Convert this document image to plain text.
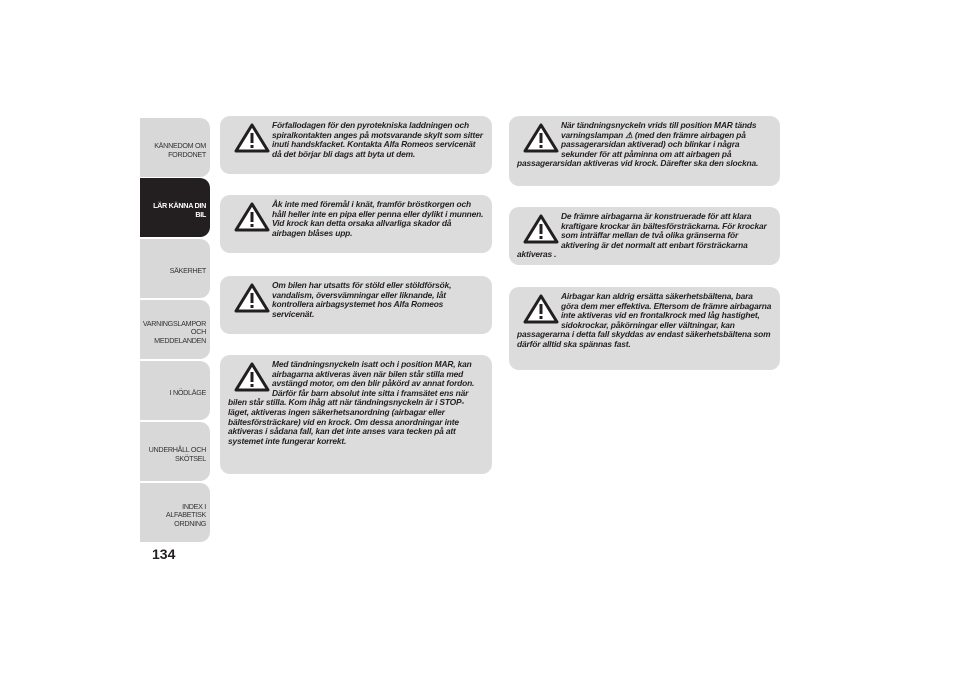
KÄNNEDOM OM
FORDONET
LÄR KÄNNA DIN
BIL
SÄKERHET
VARNINGSLAMPOR
OCH MEDDELANDEN
I NÖDLÄGE
UNDERHÅLL OCH
SKÖTSEL
INDEX I ALFABETISK
ORDNING
134
Förfallodagen för den pyrotekniska laddningen och spiralkontakten anges på motsvarande skylt som sitter inuti handskfacket. Kontakta Alfa Romeos servicenät då det börjar bli dags att byta ut dem.
Åk inte med föremål i knät, framför bröstkorgen och håll heller inte en pipa eller penna eller dylikt i munnen. Vid krock kan detta orsaka allvarliga skador då airbagen blåses upp.
Om bilen har utsatts för stöld eller stöldförsök, vandalism, översvämningar eller liknande, låt kontrollera airbagsystemet hos Alfa Romeos servicenät.
Med tändningsnyckeln isatt och i position MAR, kan airbagarna aktiveras även när bilen står stilla med avstängd motor, om den blir påkörd av annat fordon. Därför får barn absolut inte sitta i framsätet ens när bilen står stilla. Kom ihåg att när tändningsnyckeln är i STOP-läget, aktiveras ingen säkerhetsanordning (airbagar eller bältesförsträckare) vid en krock. Om dessa anordningar inte aktiveras i sådana fall, kan det inte anses vara tecken på att systemet inte fungerar korrekt.
När tändningsnyckeln vrids till position MAR tänds varningslampan ⚠ (med den främre airbagen på passagerarsidan aktiverad) och blinkar i några sekunder för att påminna om att airbagen på passagerarsidan aktiveras vid krock. Därefter ska den slockna.
De främre airbagarna är konstruerade för att klara kraftigare krockar än bältesförsträckarna. För krockar som inträffar mellan de två olika gränserna för aktivering är det normalt att enbart försträckarna aktiveras .
Airbagar kan aldrig ersätta säkerhetsbältena, bara göra dem mer effektiva. Eftersom de främre airbagarna inte aktiveras vid en frontalkrock med låg hastighet, sidokrockar, påkörningar eller vältningar, kan passagerarna i detta fall skyddas av endast säkerhetsbältena som därför alltid ska spännas fast.
